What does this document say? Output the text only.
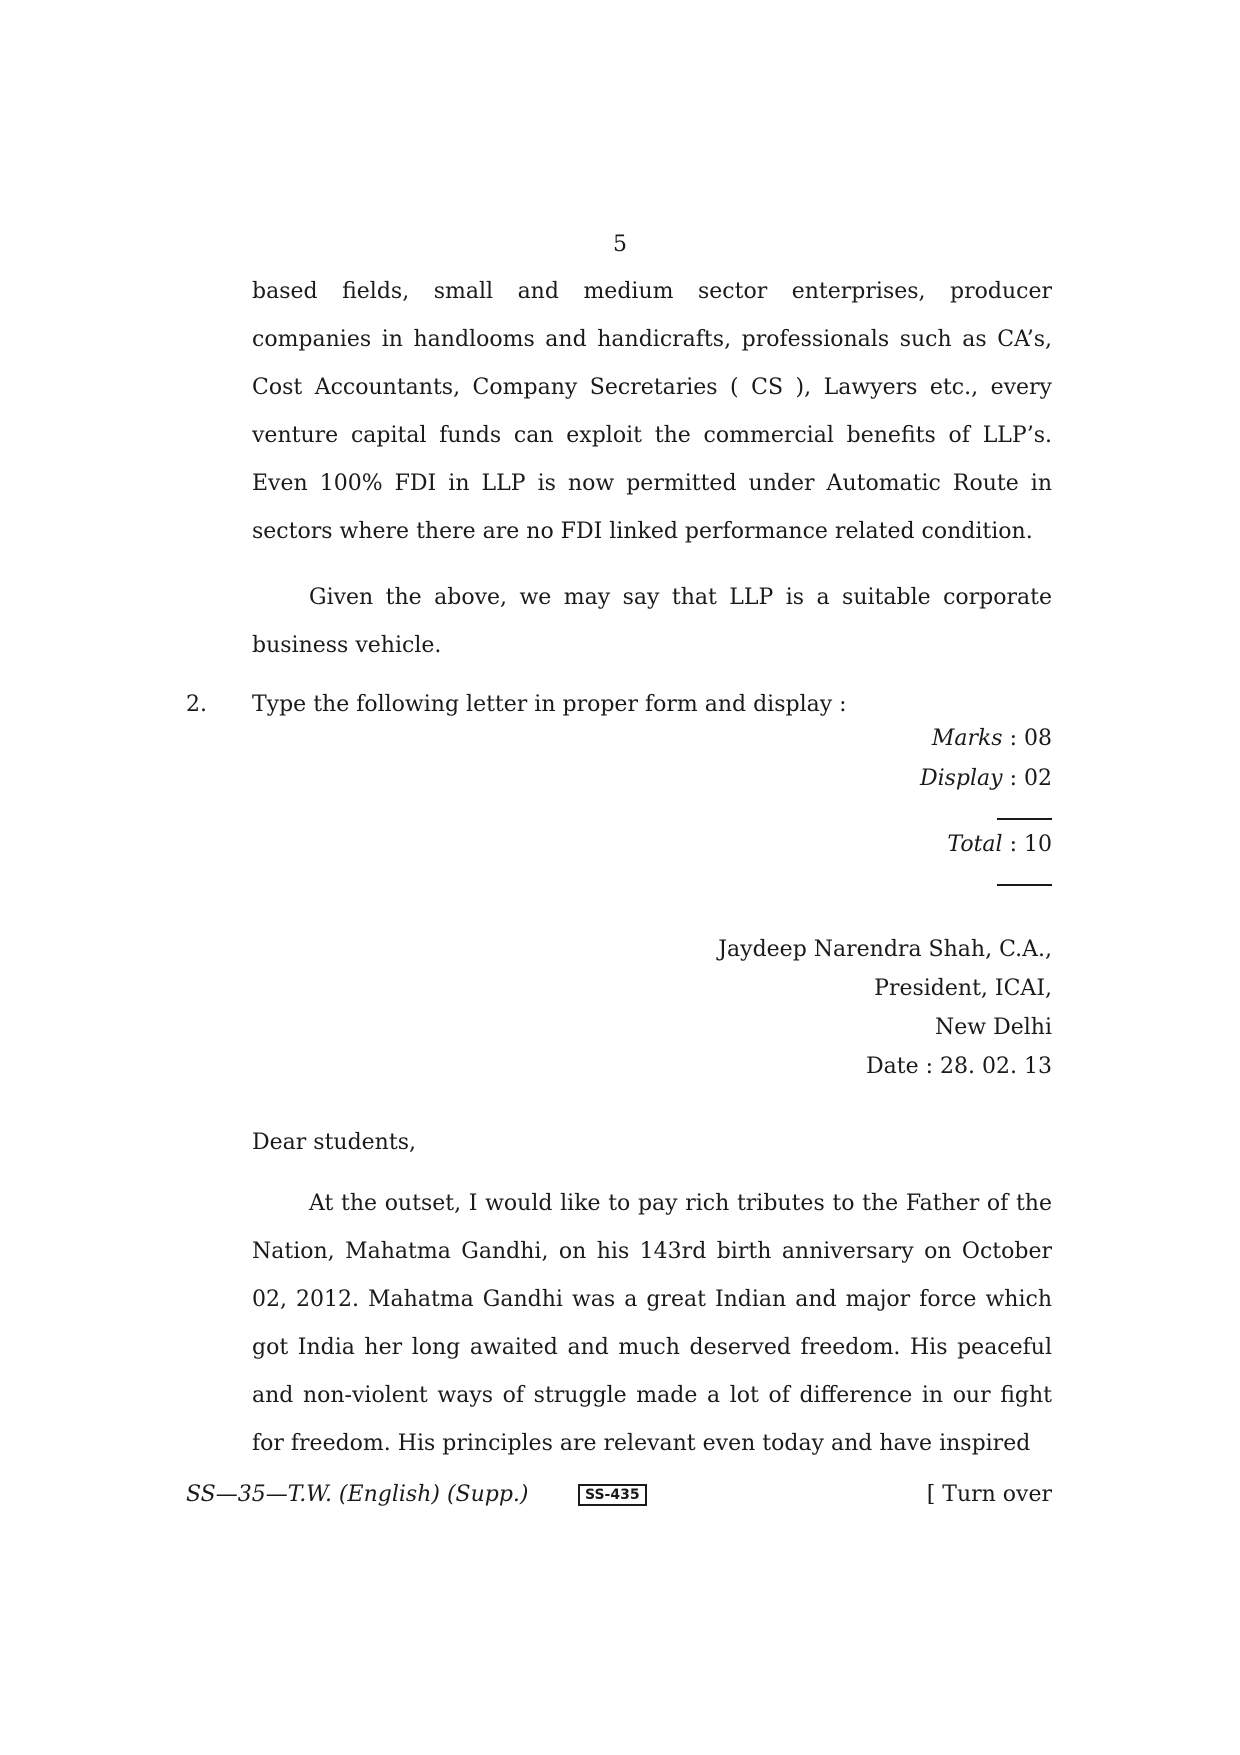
5
based fields, small and medium sector enterprises, producer companies in handlooms and handicrafts, professionals such as CA’s, Cost Accountants, Company Secretaries ( CS ), Lawyers etc., every venture capital funds can exploit the commercial benefits of LLP’s. Even 100% FDI in LLP is now permitted under Automatic Route in sectors where there are no FDI linked performance related condition.
Given the above, we may say that LLP is a suitable corporate business vehicle.
2. Type the following letter in proper form and display :
Marks : 08
Display : 02
Total : 10
Jaydeep Narendra Shah, C.A.,
President, ICAI,
New Delhi
Date : 28. 02. 13
Dear students,
At the outset, I would like to pay rich tributes to the Father of the Nation, Mahatma Gandhi, on his 143rd birth anniversary on October 02, 2012. Mahatma Gandhi was a great Indian and major force which got India her long awaited and much deserved freedom. His peaceful and non-violent ways of struggle made a lot of difference in our fight for freedom. His principles are relevant even today and have inspired
SS—35—T.W. (English) (Supp.)	SS-435	[ Turn over
